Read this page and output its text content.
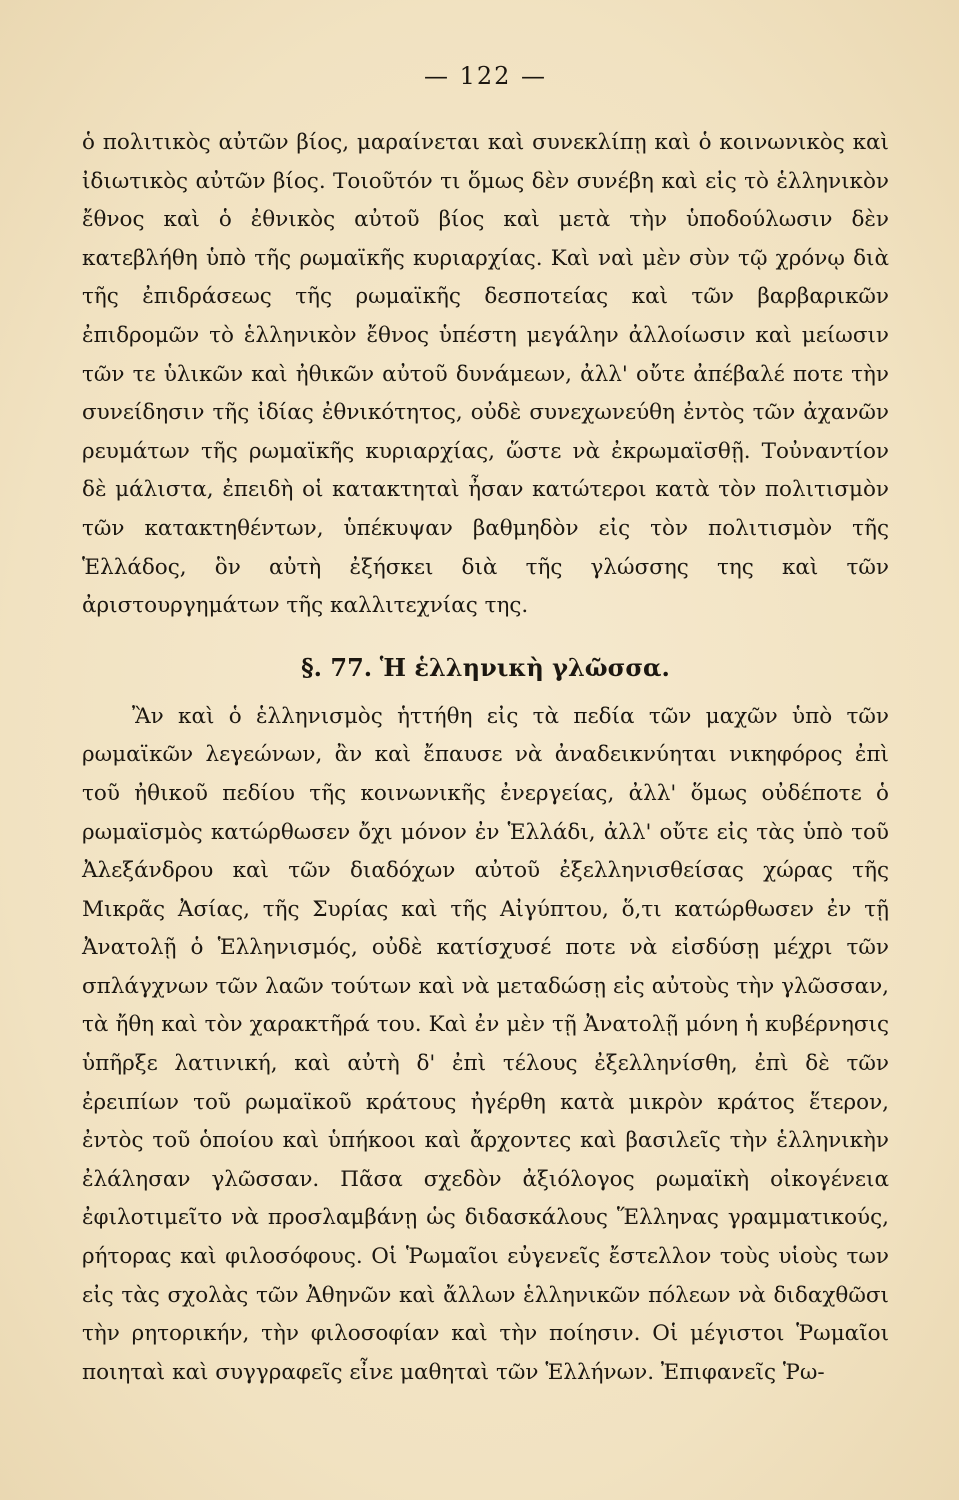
— 122 —

ὁ πολιτικὸς αὐτῶν βίος, μαραίνεται καὶ συνεκλίπῃ καὶ ὁ κοινωνικὸς καὶ ἰδιωτικὸς αὐτῶν βίος. Τοιοῦτόν τι ὅμως δὲν συνέβη καὶ εἰς τὸ ἑλληνικὸν ἔθνος καὶ ὁ ἐθνικὸς αὐτοῦ βίος καὶ μετὰ τὴν ὑποδούλωσιν δὲν κατεβλήθη ὑπὸ τῆς ρωμαϊκῆς κυριαρχίας. Καὶ ναὶ μὲν σὺν τῷ χρόνῳ διὰ τῆς ἐπιδράσεως τῆς ρωμαϊκῆς δεσποτείας καὶ τῶν βαρβαρικῶν ἐπιδρομῶν τὸ ἑλληνικὸν ἔθνος ὑπέστη μεγάλην ἀλλοίωσιν καὶ μείωσιν τῶν τε ὑλικῶν καὶ ἠθικῶν αὐτοῦ δυνάμεων, ἀλλ' οὔτε ἀπέβαλέ ποτε τὴν συνείδησιν τῆς ἰδίας ἐθνικότητος, οὐδὲ συνεχωνεύθη ἐντὸς τῶν ἀχανῶν ρευμάτων τῆς ρωμαϊκῆς κυριαρχίας, ὥστε νὰ ἐκρωμαϊσθῇ. Τοὐναντίον δὲ μάλιστα, ἐπειδὴ οἱ κατακτηταὶ ἦσαν κατώτεροι κατὰ τὸν πολιτισμὸν τῶν κατακτηθέντων, ὑπέκυψαν βαθμηδὸν εἰς τὸν πολιτισμὸν τῆς Ἑλλάδος, ὃν αὐτὴ ἐξήσκει διὰ τῆς γλώσσης της καὶ τῶν ἀριστουργημάτων τῆς καλλιτεχνίας της.

§. 77. Ἡ ἑλληνικὴ γλῶσσα.

Ἂν καὶ ὁ ἑλληνισμὸς ἡττήθη εἰς τὰ πεδία τῶν μαχῶν ὑπὸ τῶν ρωμαϊκῶν λεγεώνων, ἂν καὶ ἔπαυσε νὰ ἀναδεικνύηται νικηφόρος ἐπὶ τοῦ ἠθικοῦ πεδίου τῆς κοινωνικῆς ἐνεργείας, ἀλλ' ὅμως οὐδέποτε ὁ ρωμαϊσμὸς κατώρθωσεν ὄχι μόνον ἐν Ἑλλάδι, ἀλλ' οὔτε εἰς τὰς ὑπὸ τοῦ Ἀλεξάνδρου καὶ τῶν διαδόχων αὐτοῦ ἐξελληνισθείσας χώρας τῆς Μικρᾶς Ἀσίας, τῆς Συρίας καὶ τῆς Αἰγύπτου, ὅ,τι κατώρθωσεν ἐν τῇ Ἀνατολῇ ὁ Ἑλληνισμός, οὐδὲ κατίσχυσέ ποτε νὰ εἰσδύσῃ μέχρι τῶν σπλάγχνων τῶν λαῶν τούτων καὶ νὰ μεταδώσῃ εἰς αὐτοὺς τὴν γλῶσσαν, τὰ ἤθη καὶ τὸν χαρακτῆρά του. Καὶ ἐν μὲν τῇ Ἀνατολῇ μόνη ἡ κυβέρνησις ὑπῆρξε λατινική, καὶ αὐτὴ δ' ἐπὶ τέλους ἐξελληνίσθη, ἐπὶ δὲ τῶν ἐρειπίων τοῦ ρωμαϊκοῦ κράτους ἠγέρθη κατὰ μικρὸν κράτος ἕτερον, ἐντὸς τοῦ ὁποίου καὶ ὑπήκοοι καὶ ἄρχοντες καὶ βασιλεῖς τὴν ἑλληνικὴν ἐλάλησαν γλῶσσαν. Πᾶσα σχεδὸν ἀξιόλογος ρωμαϊκὴ οἰκογένεια ἐφιλοτιμεῖτο νὰ προσλαμβάνῃ ὡς διδασκάλους Ἕλληνας γραμματικούς, ρήτορας καὶ φιλοσόφους. Οἱ Ῥωμαῖοι εὐγενεῖς ἔστελλον τοὺς υἱοὺς των εἰς τὰς σχολὰς τῶν Ἀθηνῶν καὶ ἄλλων ἑλληνικῶν πόλεων νὰ διδαχθῶσι τὴν ρητορικήν, τὴν φιλοσοφίαν καὶ τὴν ποίησιν. Οἱ μέγιστοι Ῥωμαῖοι ποιηταὶ καὶ συγγραφεῖς εἶνε μαθηταὶ τῶν Ἑλλήνων. Ἐπιφανεῖς Ῥω-
